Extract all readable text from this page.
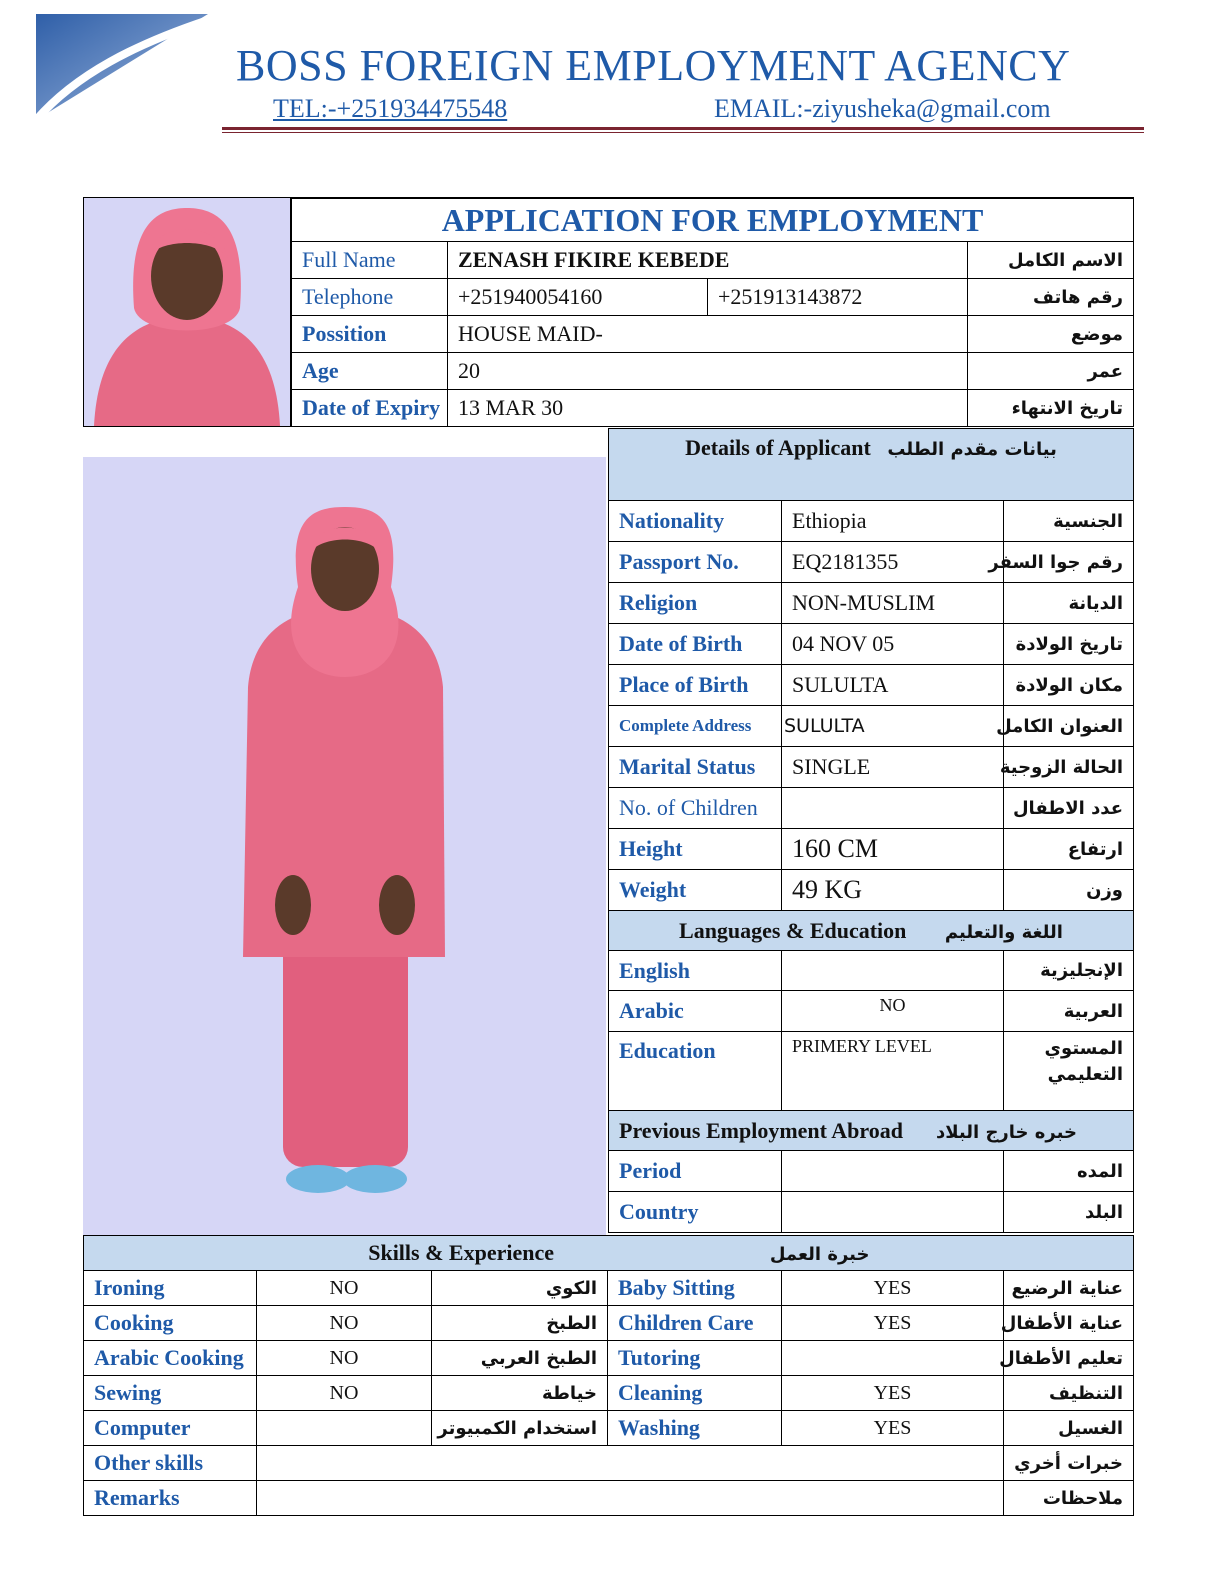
BOSS FOREIGN EMPLOYMENT AGENCY
TEL:-+251934475548	EMAIL:-ziyusheka@gmail.com
APPLICATION FOR EMPLOYMENT			
Full Name	ZENASH FIKIRE KEBEDE		الاسم الكامل
Telephone	+251940054160	+251913143872	رقم هاتف
Possition	HOUSE MAID-		موضع
Age	20		عمر
Date of Expiry	13 MAR 30		تاريخ الانتهاء
Details of Applicant بيانات مقدم الطلب		
Nationality	Ethiopia	الجنسية
Passport No.	EQ2181355	رقم جوا السفر
Religion	NON-MUSLIM	الديانة
Date of Birth	04 NOV 05	تاريخ الولادة
Place of Birth	SULULTA	مكان الولادة
Complete Address	SULULTA	العنوان الكامل
Marital Status	SINGLE	الحالة الزوجية
No. of Children		عدد الاطفال
Height	160 CM	ارتفاع
Weight	49 KG	وزن
Languages & Education اللغة والتعليم		
English		الإنجليزية
Arabic	NO	العربية
Education	PRIMERY LEVEL	المستوي التعليمي
Previous Employment Abroad خبره خارج البلاد		
Period		المده
Country		البلد
Skills & Experience خبرة العمل					
Ironing	NO	الكوي	Baby Sitting	YES	عناية الرضيع
Cooking	NO	الطبخ	Children Care	YES	عناية الأطفال
Arabic Cooking	NO	الطبخ العربي	Tutoring		تعليم الأطفال
Sewing	NO	خياطة	Cleaning	YES	التنظيف
Computer		استخدام الكمبيوتر	Washing	YES	الغسيل
Other skills					خبرات أخري
Remarks					ملاحظات
